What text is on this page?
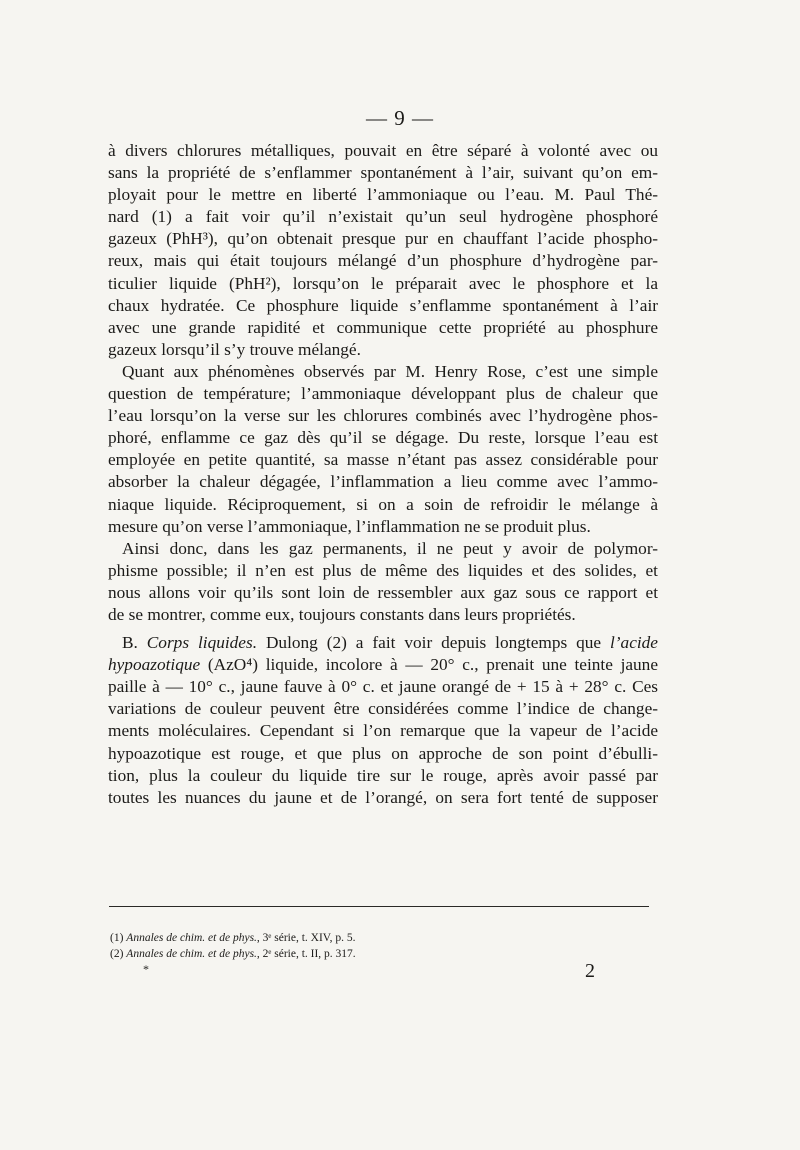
— 9 —
à divers chlorures métalliques, pouvait en être séparé à volonté avec ou
sans la propriété de s’enflammer spontanément à l’air, suivant qu’on em-
ployait pour le mettre en liberté l’ammoniaque ou l’eau. M. Paul Thé-
nard (1) a fait voir qu’il n’existait qu’un seul hydrogène phosphoré
gazeux (PhH³), qu’on obtenait presque pur en chauffant l’acide phospho-
reux, mais qui était toujours mélangé d’un phosphure d’hydrogène par-
ticulier liquide (PhH²), lorsqu’on le préparait avec le phosphore et la
chaux hydratée. Ce phosphure liquide s’enflamme spontanément à l’air
avec une grande rapidité et communique cette propriété au phosphure
gazeux lorsqu’il s’y trouve mélangé.
Quant aux phénomènes observés par M. Henry Rose, c’est une simple
question de température; l’ammoniaque développant plus de chaleur que
l’eau lorsqu’on la verse sur les chlorures combinés avec l’hydrogène phos-
phoré, enflamme ce gaz dès qu’il se dégage. Du reste, lorsque l’eau est
employée en petite quantité, sa masse n’étant pas assez considérable pour
absorber la chaleur dégagée, l’inflammation a lieu comme avec l’ammo-
niaque liquide. Réciproquement, si on a soin de refroidir le mélange à
mesure qu’on verse l’ammoniaque, l’inflammation ne se produit plus.
Ainsi donc, dans les gaz permanents, il ne peut y avoir de polymor-
phisme possible; il n’en est plus de même des liquides et des solides, et
nous allons voir qu’ils sont loin de ressembler aux gaz sous ce rapport et
de se montrer, comme eux, toujours constants dans leurs propriétés.
B. Corps liquides. Dulong (2) a fait voir depuis longtemps que l’acide
hypoazotique (AzO⁴) liquide, incolore à — 20° c., prenait une teinte jaune
paille à — 10° c., jaune fauve à 0° c. et jaune orangé de + 15 à + 28° c. Ces
variations de couleur peuvent être considérées comme l’indice de change-
ments moléculaires. Cependant si l’on remarque que la vapeur de l’acide
hypoazotique est rouge, et que plus on approche de son point d’ébulli-
tion, plus la couleur du liquide tire sur le rouge, après avoir passé par
toutes les nuances du jaune et de l’orangé, on sera fort tenté de supposer
(1) Annales de chim. et de phys., 3ᵉ série, t. XIV, p. 5.
(2) Annales de chim. et de phys., 2ᵉ série, t. II, p. 317.
*	2
